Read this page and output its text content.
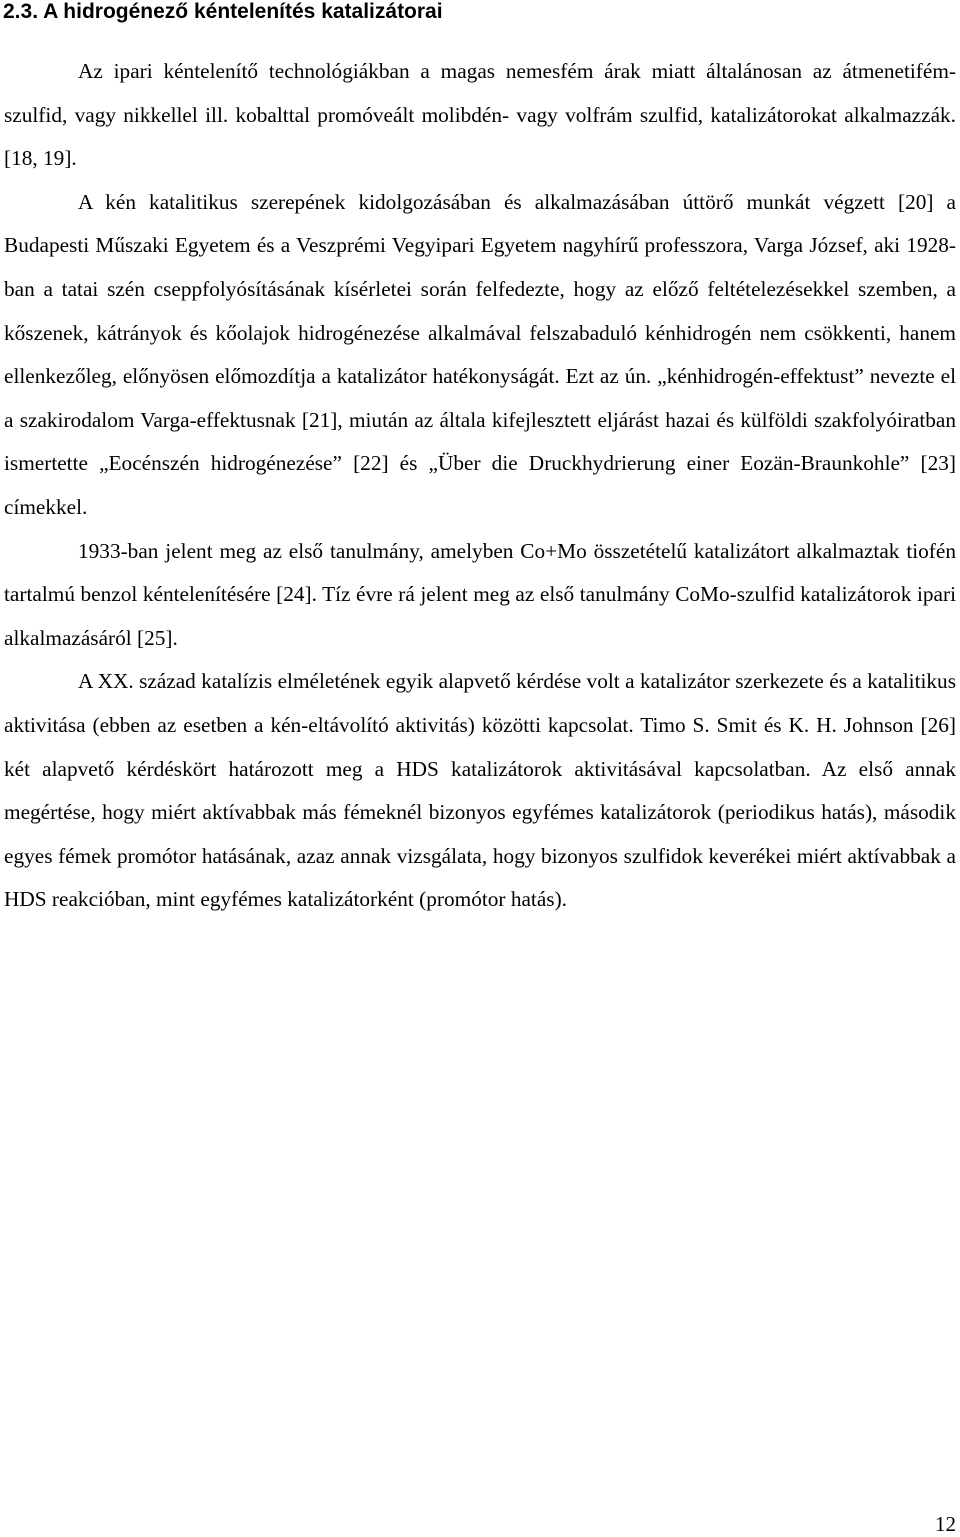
2.3. A hidrogénező kéntelenítés katalizátorai

Az ipari kéntelenítő technológiákban a magas nemesfém árak miatt általánosan az átmenetifém-szulfid, vagy nikkellel ill. kobalttal promóveált molibdén- vagy volfrám szulfid, katalizátorokat alkalmazzák. [18, 19].

A kén katalitikus szerepének kidolgozásában és alkalmazásában úttörő munkát végzett [20] a Budapesti Műszaki Egyetem és a Veszprémi Vegyipari Egyetem nagyhírű professzora, Varga József, aki 1928-ban a tatai szén cseppfolyósításának kísérletei során felfedezte, hogy az előző feltételezésekkel szemben, a kőszenek, kátrányok és kőolajok hidrogénezése alkalmával felszabaduló kénhidrogén nem csökkenti, hanem ellenkezőleg, előnyösen előmozdítja a katalizátor hatékonyságát. Ezt az ún. „kénhidrogén-effektust” nevezte el a szakirodalom Varga-effektusnak [21], miután az általa kifejlesztett eljárást hazai és külföldi szakfolyóiratban ismertette „Eocénszén hidrogénezése” [22] és „Über die Druckhydrierung einer Eozän-Braunkohle” [23] címekkel.

1933-ban jelent meg az első tanulmány, amelyben Co+Mo összetételű katalizátort alkalmaztak tiofén tartalmú benzol kéntelenítésére [24]. Tíz évre rá jelent meg az első tanulmány CoMo-szulfid katalizátorok ipari alkalmazásáról [25].

A XX. század katalízis elméletének egyik alapvető kérdése volt a katalizátor szerkezete és a katalitikus aktivitása (ebben az esetben a kén-eltávolító aktivitás) közötti kapcsolat. Timo S. Smit és K. H. Johnson [26] két alapvető kérdéskört határozott meg a HDS katalizátorok aktivitásával kapcsolatban. Az első annak megértése, hogy miért aktívabbak más fémeknél bizonyos egyfémes katalizátorok (periodikus hatás), második egyes fémek promótor hatásának, azaz annak vizsgálata, hogy bizonyos szulfidok keverékei miért aktívabbak a HDS reakcióban, mint egyfémes katalizátorként (promótor hatás).

12
